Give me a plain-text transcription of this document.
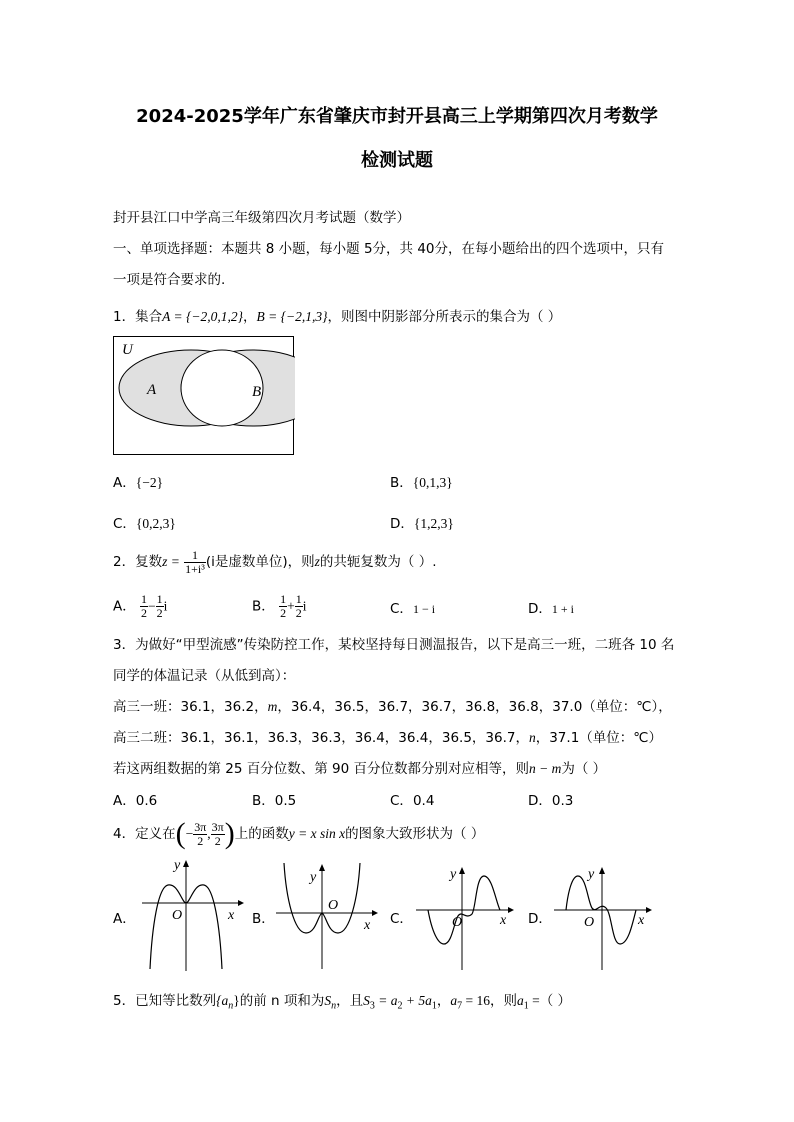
2024-2025学年广东省肇庆市封开县高三上学期第四次月考数学
检测试题
封开县江口中学高三年级第四次月考试题（数学）
一、单项选择题：本题共 8 小题，每小题 5分，共 40分，在每小题给出的四个选项中，只有
一项是符合要求的.
1．集合A = {−2,0,1,2}，B = {−2,1,3}，则图中阴影部分所表示的集合为（ ）
U
A	B
A．{−2}	B．{0,1,3}
C．{0,2,3}	D．{1,2,3}
2．复数$z = \frac{1}{\text{1+i³}} (i$是虚数单位)，则z的共轭复数为（ ）.
A． $\frac{1}{2} - \frac{1}{2}$ i	B． $\frac{1}{2} + \frac{1}{2}$ i	C．1 − i	D．1 + i
3．为做好“甲型流感”传染防控工作，某校坚持每日测温报告，以下是高三一班，二班各 10 名
同学的体温记录（从低到高）：
高三一班：36.1，36.2，m，36.4，36.5，36.7，36.7，36.8，36.8，37.0（单位：℃），
高三二班：36.1，36.1，36.3，36.3，36.4，36.4，36.5，36.7，n，37.1（单位：℃）
若这两组数据的第 25 百分位数、第 90 百分位数都分别对应相等，则n − m为（ ）
A．0.6	B．0.5	C．0.4	D．0.3
4．定义在(− $\frac{3\pi}{2}$ , $\frac{3\pi}{2}$ )上的函数y = x sin x的图象大致形状为（ ）
A．
y
O	x B．
y
O
x C．
y
O	x D．
y
O	x
5．已知等比数列$\{a_n\}$的前 n 项和为$S_n$，且$S_3 = a_2 + 5a_1$，$a_7 = 16$，则$a_1$ =（ ）
